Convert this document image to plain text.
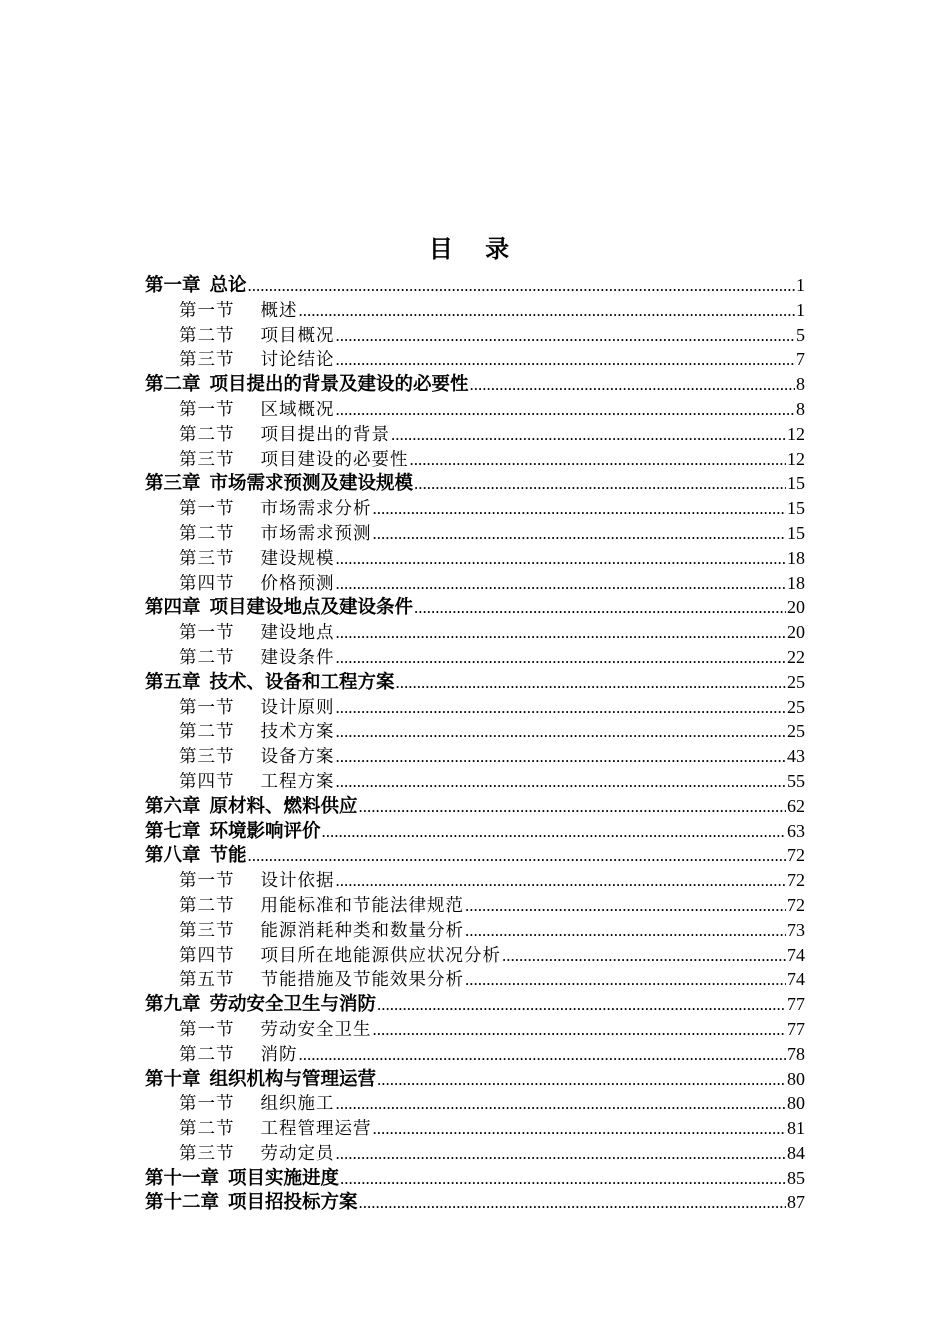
目 录
第一章 总论 .....	1
第一节 概述 .....	1
第二节 项目概况 .....	5
第三节 讨论结论 .....	7
第二章 项目提出的背景及建设的必要性 .....	8
第一节 区域概况 .....	8
第二节 项目提出的背景 .....	12
第三节 项目建设的必要性 .....	12
第三章 市场需求预测及建设规模 .....	15
第一节 市场需求分析 .....	15
第二节 市场需求预测 .....	15
第三节 建设规模 .....	18
第四节 价格预测 .....	18
第四章 项目建设地点及建设条件 .....	20
第一节 建设地点 .....	20
第二节 建设条件 .....	22
第五章 技术、设备和工程方案 .....	25
第一节 设计原则 .....	25
第二节 技术方案 .....	25
第三节 设备方案 .....	43
第四节 工程方案 .....	55
第六章 原材料、燃料供应 .....	62
第七章 环境影响评价 .....	63
第八章 节能 .....	72
第一节 设计依据 .....	72
第二节 用能标准和节能法律规范 .....	72
第三节 能源消耗种类和数量分析 .....	73
第四节 项目所在地能源供应状况分析 .....	74
第五节 节能措施及节能效果分析 .....	74
第九章 劳动安全卫生与消防 .....	77
第一节 劳动安全卫生 .....	77
第二节 消防 .....	78
第十章 组织机构与管理运营 .....	80
第一节 组织施工 .....	80
第二节 工程管理运营 .....	81
第三节 劳动定员 .....	84
第十一章 项目实施进度 .....	85
第十二章 项目招投标方案 .....	87
